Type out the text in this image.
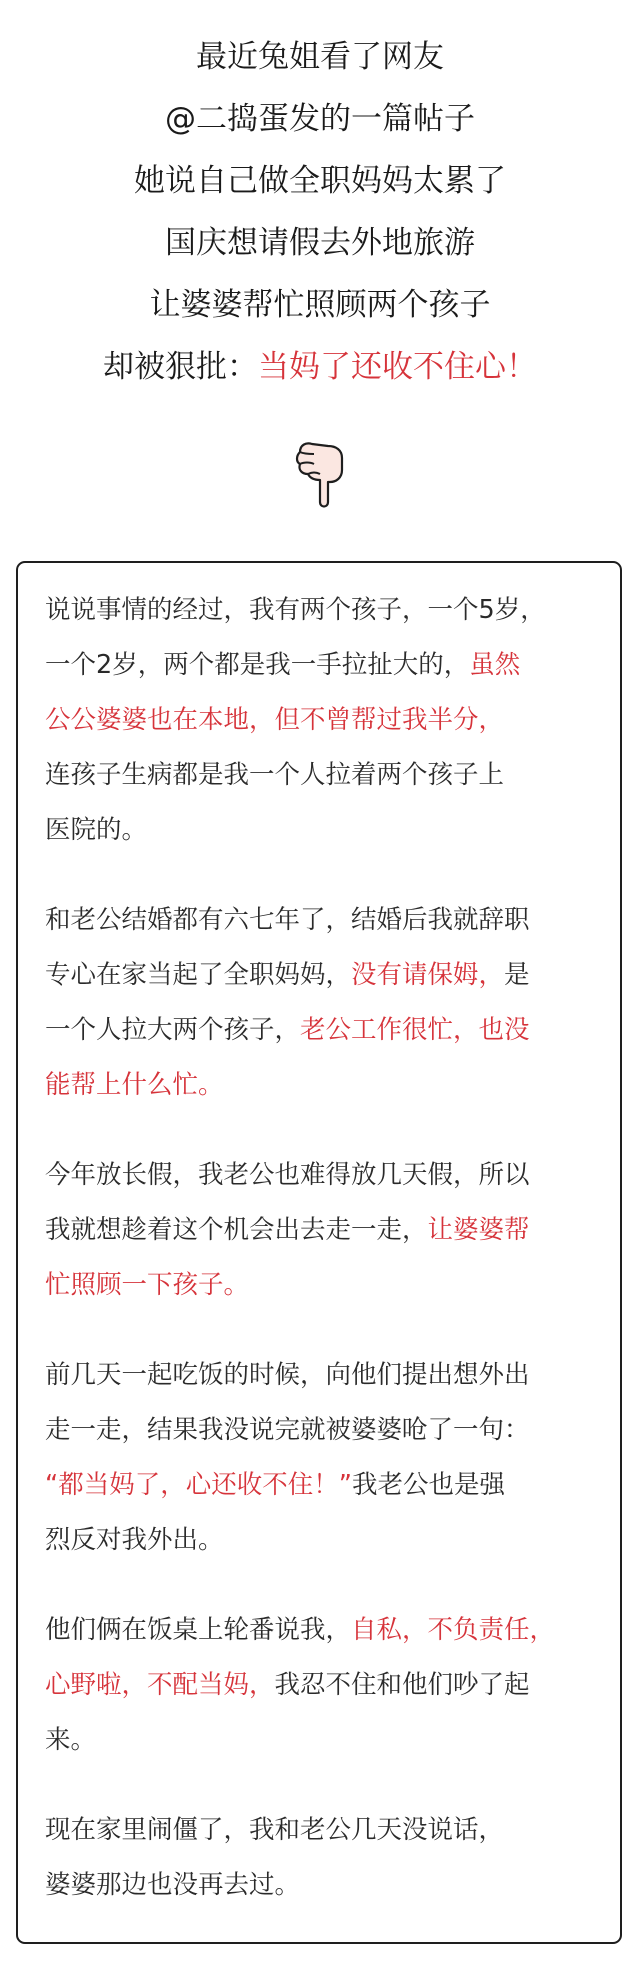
最近兔姐看了网友
@二捣蛋发的一篇帖子
她说自己做全职妈妈太累了
国庆想请假去外地旅游
让婆婆帮忙照顾两个孩子
却被狠批：当妈了还收不住心！
说说事情的经过，我有两个孩子，一个5岁，
一个2岁，两个都是我一手拉扯大的，虽然
公公婆婆也在本地，但不曾帮过我半分，
连孩子生病都是我一个人拉着两个孩子上
医院的。
和老公结婚都有六七年了，结婚后我就辞职
专心在家当起了全职妈妈，没有请保姆，是
一个人拉大两个孩子，老公工作很忙，也没
能帮上什么忙。
今年放长假，我老公也难得放几天假，所以
我就想趁着这个机会出去走一走，让婆婆帮
忙照顾一下孩子。
前几天一起吃饭的时候，向他们提出想外出
走一走，结果我没说完就被婆婆呛了一句：
“都当妈了，心还收不住！”我老公也是强
烈反对我外出。
他们俩在饭桌上轮番说我，自私，不负责任，
心野啦，不配当妈，我忍不住和他们吵了起
来。
现在家里闹僵了，我和老公几天没说话，
婆婆那边也没再去过。
